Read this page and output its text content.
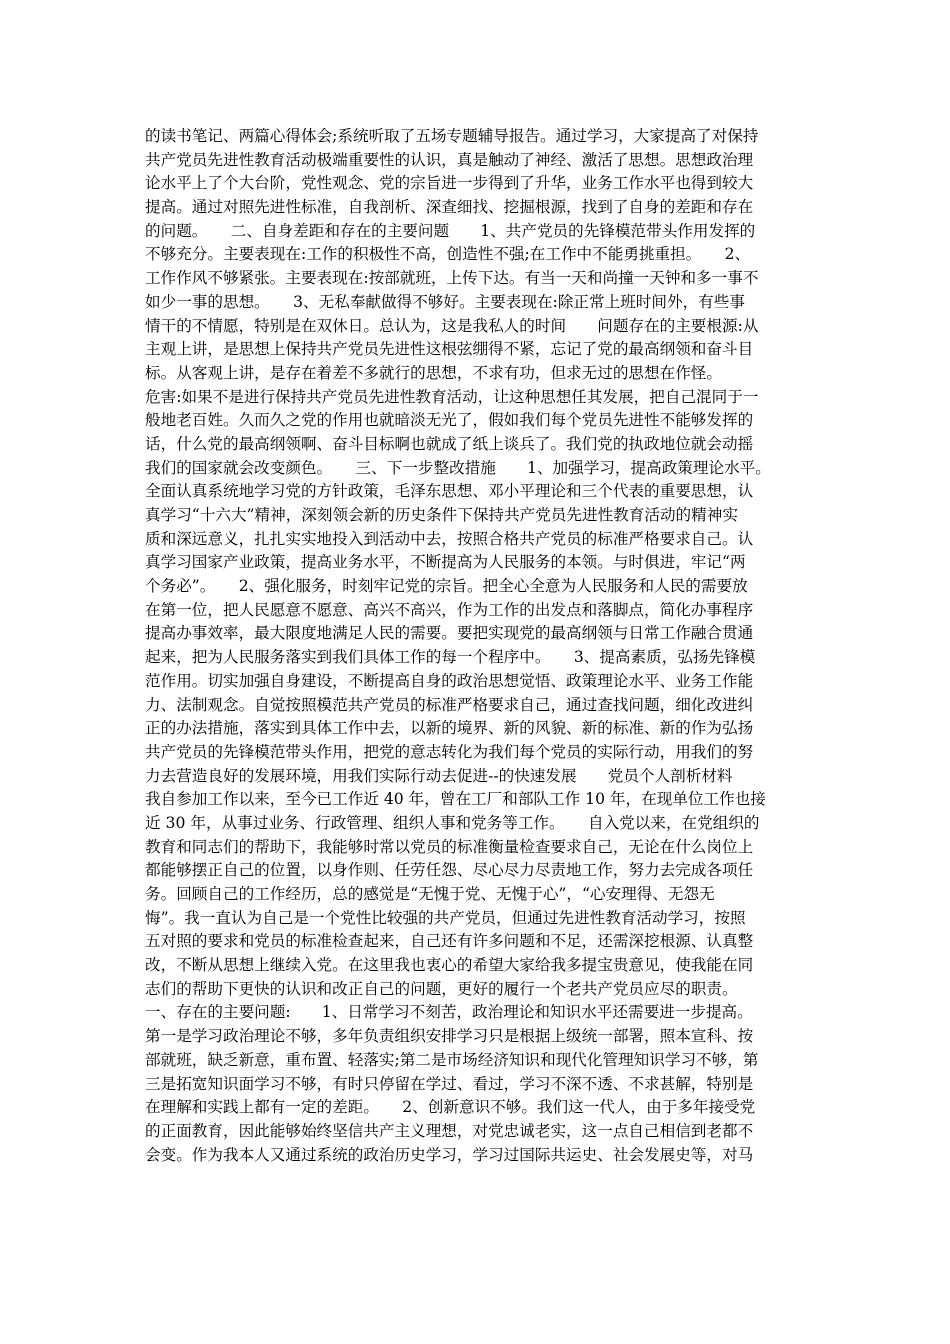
的读书笔记、两篇心得体会;系统听取了五场专题辅导报告。通过学习，大家提高了对保持
共产党员先进性教育活动极端重要性的认识，真是触动了神经、激活了思想。思想政治理
论水平上了个大台阶，党性观念、党的宗旨进一步得到了升华，业务工作水平也得到较大
提高。通过对照先进性标准，自我剖析、深查细找、挖掘根源，找到了自身的差距和存在
的问题。　　二、自身差距和存在的主要问题　　1、共产党员的先锋模范带头作用发挥的
不够充分。主要表现在:工作的积极性不高，创造性不强;在工作中不能勇挑重担。　　2、
工作作风不够紧张。主要表现在:按部就班，上传下达。有当一天和尚撞一天钟和多一事不
如少一事的思想。　　3、无私奉献做得不够好。主要表现在:除正常上班时间外，有些事
情干的不情愿，特别是在双休日。总认为，这是我私人的时间　　问题存在的主要根源:从
主观上讲，是思想上保持共产党员先进性这根弦绷得不紧，忘记了党的最高纲领和奋斗目
标。从客观上讲，是存在着差不多就行的思想，不求有功，但求无过的思想在作怪。
危害:如果不是进行保持共产党员先进性教育活动，让这种思想任其发展，把自己混同于一
般地老百姓。久而久之党的作用也就暗淡无光了，假如我们每个党员先进性不能够发挥的
话，什么党的最高纲领啊、奋斗目标啊也就成了纸上谈兵了。我们党的执政地位就会动摇
我们的国家就会改变颜色。　　三、下一步整改措施　　1、加强学习，提高政策理论水平。
全面认真系统地学习党的方针政策，毛泽东思想、邓小平理论和三个代表的重要思想，认
真学习“十六大”精神，深刻领会新的历史条件下保持共产党员先进性教育活动的精神实
质和深远意义，扎扎实实地投入到活动中去，按照合格共产党员的标准严格要求自己。认
真学习国家产业政策，提高业务水平，不断提高为人民服务的本领。与时俱进，牢记“两
个务必”。　　2、强化服务，时刻牢记党的宗旨。把全心全意为人民服务和人民的需要放
在第一位，把人民愿意不愿意、高兴不高兴，作为工作的出发点和落脚点，简化办事程序
提高办事效率，最大限度地满足人民的需要。要把实现党的最高纲领与日常工作融合贯通
起来，把为人民服务落实到我们具体工作的每一个程序中。　　3、提高素质，弘扬先锋模
范作用。切实加强自身建设，不断提高自身的政治思想觉悟、政策理论水平、业务工作能
力、法制观念。自觉按照模范共产党员的标准严格要求自己，通过查找问题，细化改进纠
正的办法措施，落实到具体工作中去，以新的境界、新的风貌、新的标准、新的作为弘扬
共产党员的先锋模范带头作用，把党的意志转化为我们每个党员的实际行动，用我们的努
力去营造良好的发展环境，用我们实际行动去促进--的快速发展　　党员个人剖析材料
我自参加工作以来，至今已工作近 40 年，曾在工厂和部队工作 10 年，在现单位工作也接
近 30 年，从事过业务、行政管理、组织人事和党务等工作。　　自入党以来，在党组织的
教育和同志们的帮助下，我能够时常以党员的标准衡量检查要求自己，无论在什么岗位上
都能够摆正自己的位置，以身作则、任劳任怨、尽心尽力尽责地工作，努力去完成各项任
务。回顾自己的工作经历，总的感觉是“无愧于党、无愧于心”，“心安理得、无怨无
悔”。我一直认为自己是一个党性比较强的共产党员，但通过先进性教育活动学习，按照
五对照的要求和党员的标准检查起来，自己还有许多问题和不足，还需深挖根源、认真整
改，不断从思想上继续入党。在这里我也衷心的希望大家给我多提宝贵意见，使我能在同
志们的帮助下更快的认识和改正自己的问题，更好的履行一个老共产党员应尽的职责。
一、存在的主要问题:　　1、日常学习不刻苦，政治理论和知识水平还需要进一步提高。
第一是学习政治理论不够，多年负责组织安排学习只是根据上级统一部署，照本宣科、按
部就班，缺乏新意，重布置、轻落实;第二是市场经济知识和现代化管理知识学习不够，第
三是拓宽知识面学习不够，有时只停留在学过、看过，学习不深不透、不求甚解，特别是
在理解和实践上都有一定的差距。　　2、创新意识不够。我们这一代人，由于多年接受党
的正面教育，因此能够始终坚信共产主义理想，对党忠诚老实，这一点自己相信到老都不
会变。作为我本人又通过系统的政治历史学习，学习过国际共运史、社会发展史等，对马
